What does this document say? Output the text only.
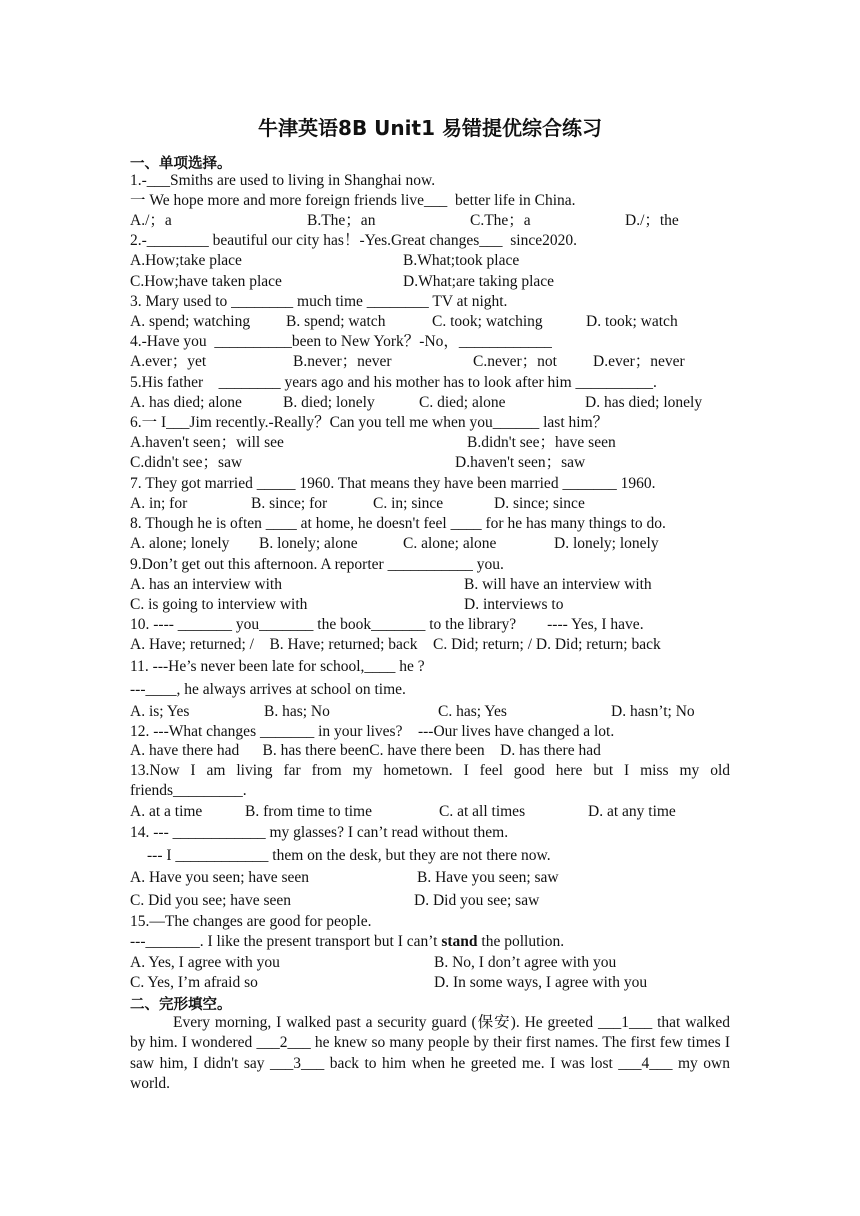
牛津英语8B Unit1 易错提优综合练习
一、单项选择。
1.-___Smiths are used to living in Shanghai now.
一 We hope more and more foreign friends live___  better life in China.
A./；a	B.The；an	C.The；a	D./；the
2.-________ beautiful our city has！-Yes.Great changes___  since2020.
A.How;take place	B.What;took place
C.How;have taken place	D.What;are taking place
3. Mary used to ________ much time ________ TV at night.
A. spend; watching B. spend; watch	C. took; watching	D. took; watch
4.-Have you  __________been to New York？-No，____________
A.ever；yet	B.never；never	C.never；not D.ever；never
5.His father    ________ years ago and his mother has to look after him __________.
A. has died; alone	B. died; lonely	C. died; alone	D. has died; lonely
6.一 I___Jim recently.-Really？Can you tell me when you______ last him？
A.haven't seen；will see	B.didn't see；have seen
C.didn't see；saw	D.haven't seen；saw
7. They got married _____ 1960. That means they have been married _______ 1960.
A. in; for	B. since; for	C. in; since	D. since; since
8. Though he is often ____ at home, he doesn't feel ____ for he has many things to do.
A. alone; lonely B. lonely; alone	C. alone; alone	D. lonely; lonely
9.Don’t get out this afternoon. A reporter ___________ you.
A. has an interview with	B. will have an interview with
C. is going to interview with	D. interviews to
10. ---- _______ you_______ the book_______ to the library?        ---- Yes, I have.
A. Have; returned; /    B. Have; returned; back    C. Did; return; / D. Did; return; back
11. ---He’s never been late for school,____ he ?
---____, he always arrives at school on time.
A. is; Yes	B. has; No	C. has; Yes	D. hasn’t; No
12. ---What changes _______ in your lives?    ---Our lives have changed a lot.
A. have there had      B. has there beenC. have there been    D. has there had
13.Now I am living far from my hometown. I feel good here but I miss my old
friends_________.
A. at a time	B. from time to time	C. at all times	D. at any time
14. --- ____________ my glasses? I can’t read without them.
--- I ____________ them on the desk, but they are not there now.
A. Have you seen; have seen	B. Have you seen; saw
C. Did you see; have seen	D. Did you see; saw
15.—The changes are good for people.
---_______. I like the present transport but I can’t stand the pollution.
A. Yes, I agree with you	B. No, I don’t agree with you
C. Yes, I’m afraid so	D. In some ways, I agree with you
二、完形填空。
Every morning, I walked past a security guard (保安). He greeted ___1___ that walked by him. I wondered ___2___ he knew so many people by their first names. The first few times I saw him, I didn't say ___3___ back to him when he greeted me. I was lost ___4___ my own world.
